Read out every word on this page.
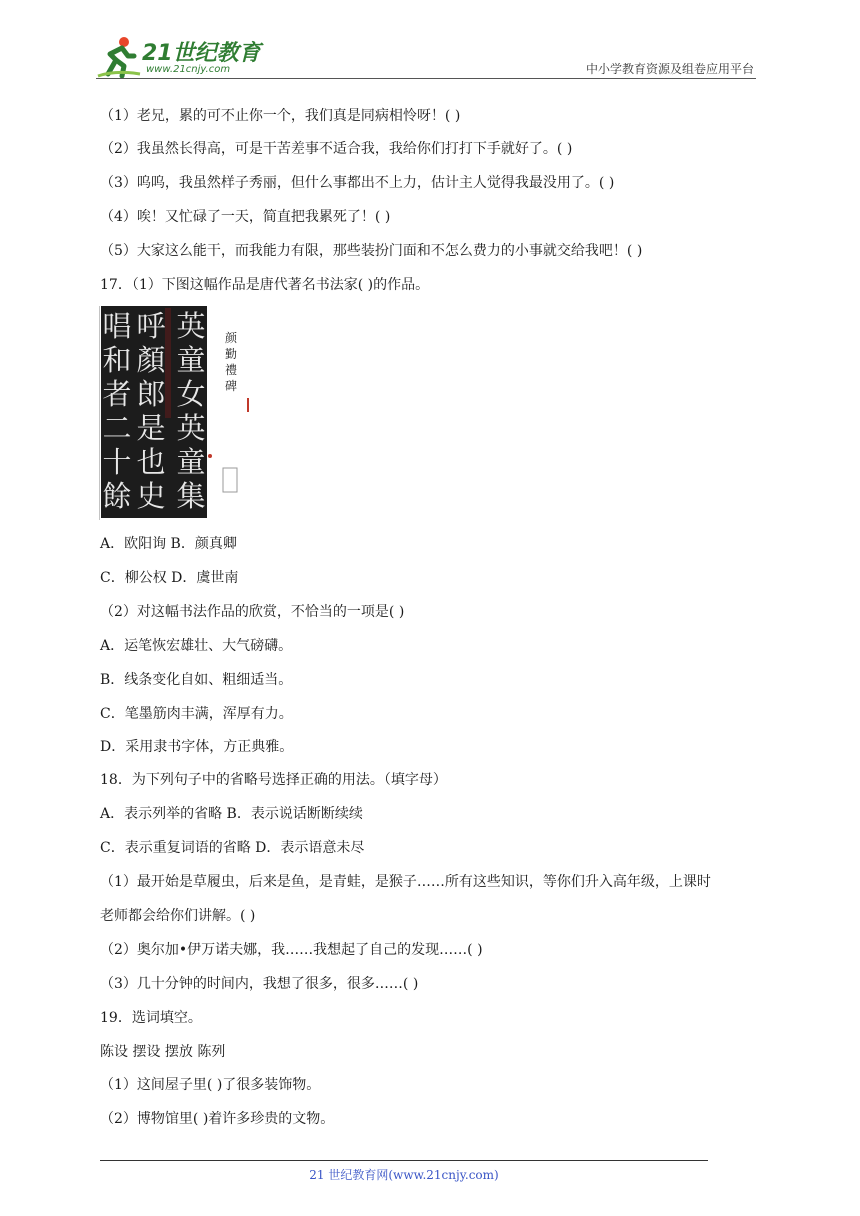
21世纪教育
www.21cnjy.com	中小学教育资源及组卷应用平台
（1）老兄，累的可不止你一个，我们真是同病相怜呀！( )
（2）我虽然长得高，可是干苦差事不适合我，我给你们打打下手就好了。( )
（3）呜呜，我虽然样子秀丽，但什么事都出不上力，估计主人觉得我最没用了。( )
（4）唉！又忙碌了一天，简直把我累死了！( )
（5）大家这么能干，而我能力有限，那些装扮门面和不怎么费力的小事就交给我吧！( )
17．（1）下图这幅作品是唐代著名书法家( )的作品。
英
童
女
英
童
集
呼
顏
郎
是
也
史
唱
和
者
二
十
餘
颜
勤
禮
碑
A．欧阳询 B．颜真卿
C．柳公权 D．虞世南
（2）对这幅书法作品的欣赏，不恰当的一项是( )
A．运笔恢宏雄壮、大气磅礴。
B．线条变化自如、粗细适当。
C．笔墨筋肉丰满，浑厚有力。
D．采用隶书字体，方正典雅。
18．为下列句子中的省略号选择正确的用法。（填字母）
A．表示列举的省略 B．表示说话断断续续
C．表示重复词语的省略 D．表示语意未尽
（1）最开始是草履虫，后来是鱼，是青蛙，是猴子……所有这些知识，等你们升入高年级，上课时
老师都会给你们讲解。( )
（2）奥尔加•伊万诺夫娜，我……我想起了自己的发现……( )
（3）几十分钟的时间内，我想了很多，很多……( )
19．选词填空。
陈设 摆设 摆放 陈列
（1）这间屋子里( )了很多装饰物。
（2）博物馆里( )着许多珍贵的文物。
21 世纪教育网(www.21cnjy.com)
